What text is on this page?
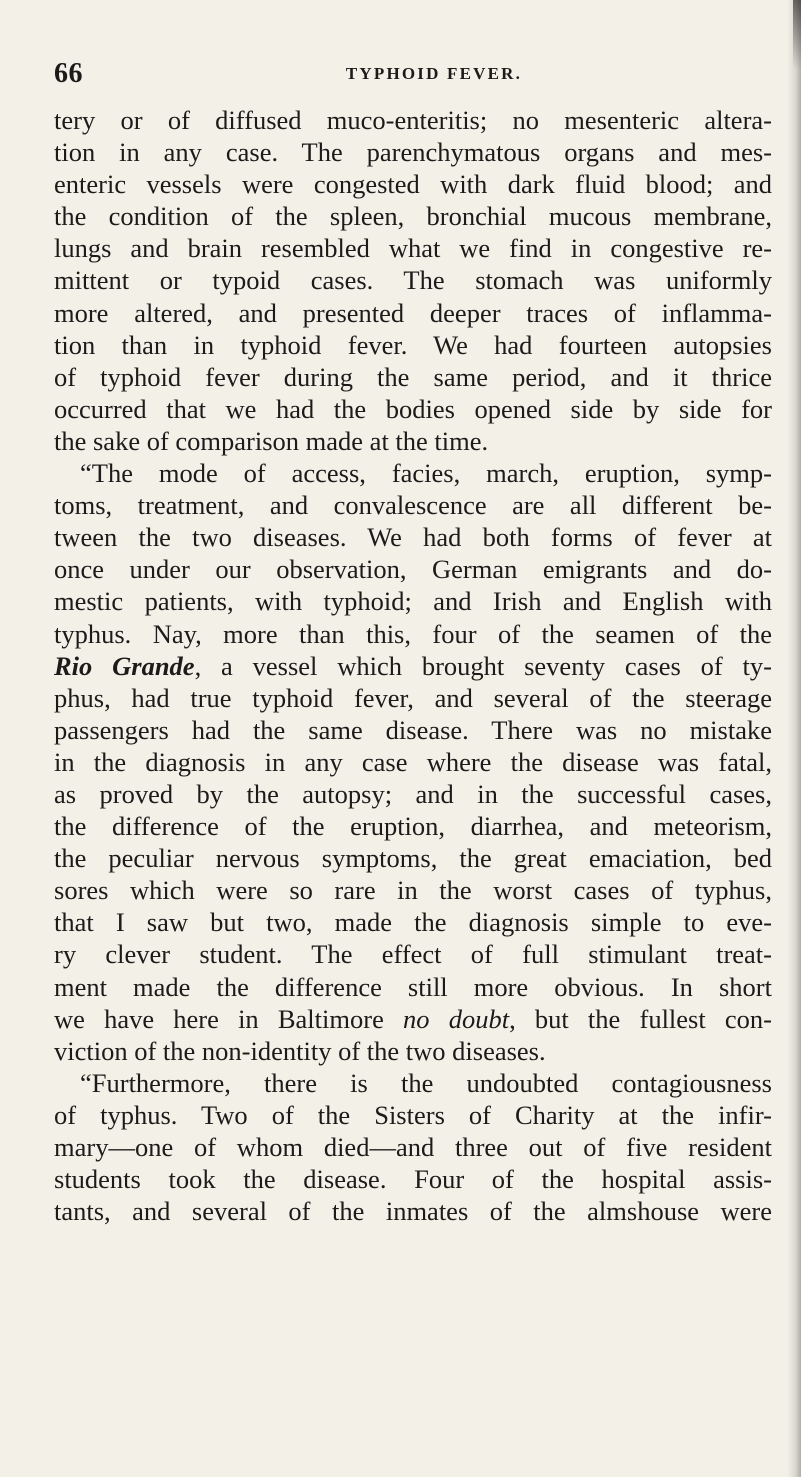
66	TYPHOID FEVER.
tery or of diffused muco-enteritis; no mesenteric altera-
tion in any case. The parenchymatous organs and mes-
enteric vessels were congested with dark fluid blood; and
the condition of the spleen, bronchial mucous membrane,
lungs and brain resembled what we find in congestive re-
mittent or typoid cases. The stomach was uniformly
more altered, and presented deeper traces of inflamma-
tion than in typhoid fever. We had fourteen autopsies
of typhoid fever during the same period, and it thrice
occurred that we had the bodies opened side by side for
the sake of comparison made at the time.
“The mode of access, facies, march, eruption, symp-
toms, treatment, and convalescence are all different be-
tween the two diseases. We had both forms of fever at
once under our observation, German emigrants and do-
mestic patients, with typhoid; and Irish and English with
typhus. Nay, more than this, four of the seamen of the
Rio Grande, a vessel which brought seventy cases of ty-
phus, had true typhoid fever, and several of the steerage
passengers had the same disease. There was no mistake
in the diagnosis in any case where the disease was fatal,
as proved by the autopsy; and in the successful cases,
the difference of the eruption, diarrhea, and meteorism,
the peculiar nervous symptoms, the great emaciation, bed
sores which were so rare in the worst cases of typhus,
that I saw but two, made the diagnosis simple to eve-
ry clever student. The effect of full stimulant treat-
ment made the difference still more obvious. In short
we have here in Baltimore no doubt, but the fullest con-
viction of the non-identity of the two diseases.
“Furthermore, there is the undoubted contagiousness
of typhus. Two of the Sisters of Charity at the infir-
mary—one of whom died—and three out of five resident
students took the disease. Four of the hospital assis-
tants, and several of the inmates of the almshouse were
